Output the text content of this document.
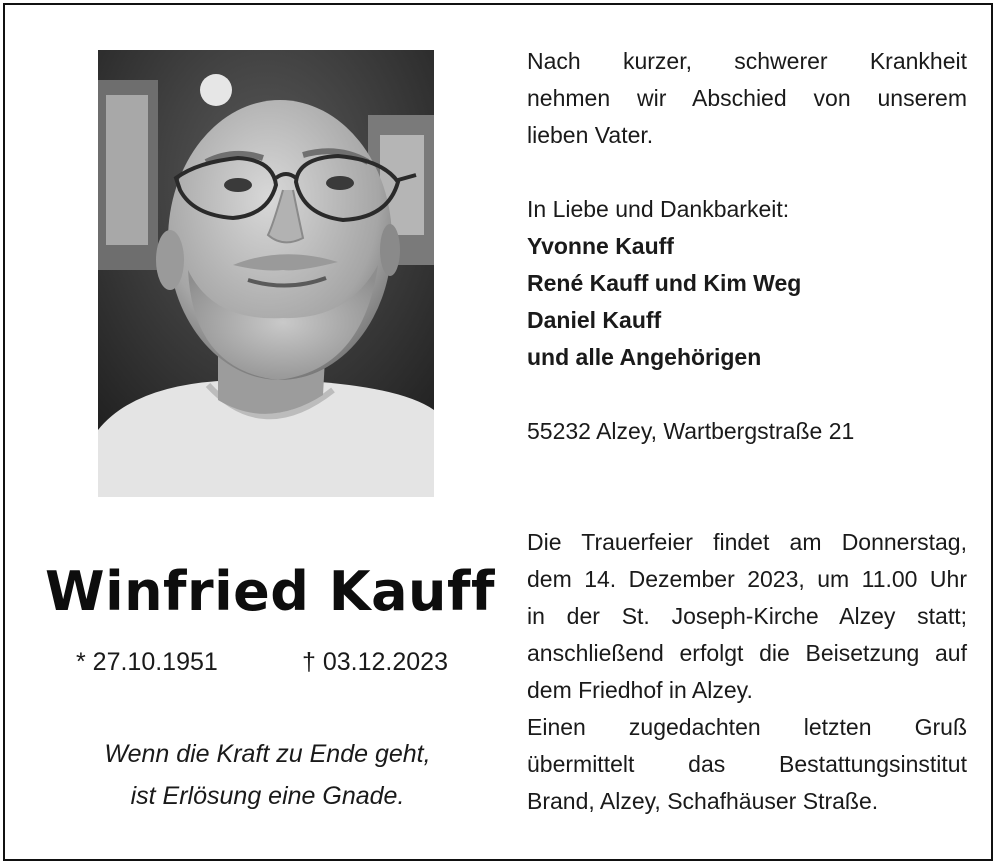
Winfried Kauff
* 27.10.1951	† 03.12.2023
Wenn die Kraft zu Ende geht,
ist Erlösung eine Gnade.
Nach kurzer, schwerer Krankheit
nehmen wir Abschied von unserem
lieben Vater.
In Liebe und Dankbarkeit:
Yvonne Kauff
René Kauff und Kim Weg
Daniel Kauff
und alle Angehörigen
55232 Alzey, Wartbergstraße 21
Die Trauerfeier findet am Donnerstag,
dem 14. Dezember 2023, um 11.00 Uhr
in der St. Joseph-Kirche Alzey statt;
anschließend erfolgt die Beisetzung auf
dem Friedhof in Alzey.
Einen zugedachten letzten Gruß
übermittelt das Bestattungsinstitut
Brand, Alzey, Schafhäuser Straße.
